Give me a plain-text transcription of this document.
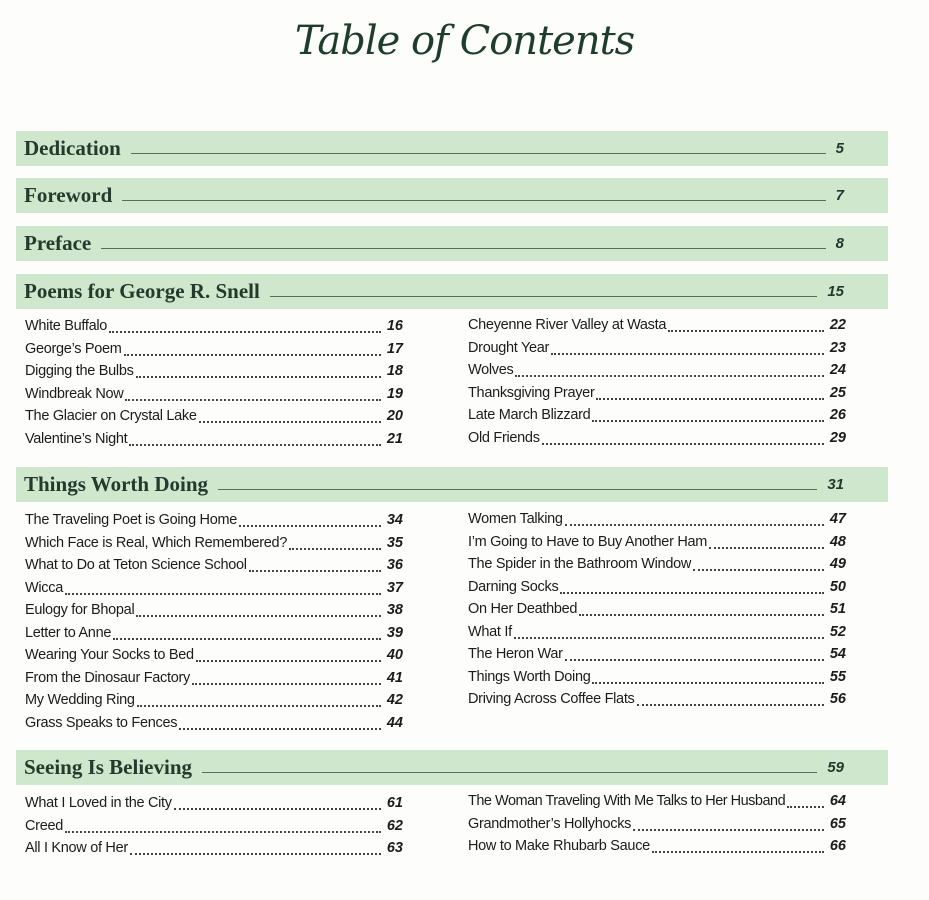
Table of Contents
Dedication	5
Foreword	7
Preface	8
Poems for George R. Snell	15
White Buffalo	16
George’s Poem	17
Digging the Bulbs	18
Windbreak Now	19
The Glacier on Crystal Lake	20
Valentine’s Night	21
Cheyenne River Valley at Wasta	22
Drought Year	23
Wolves	24
Thanksgiving Prayer	25
Late March Blizzard	26
Old Friends	29
Things Worth Doing	31
The Traveling Poet is Going Home	34
Which Face is Real, Which Remembered?	35
What to Do at Teton Science School	36
Wicca	37
Eulogy for Bhopal	38
Letter to Anne	39
Wearing Your Socks to Bed	40
From the Dinosaur Factory	41
My Wedding Ring	42
Grass Speaks to Fences	44
Women Talking	47
I’m Going to Have to Buy Another Ham	48
The Spider in the Bathroom Window	49
Darning Socks	50
On Her Deathbed	51
What If	52
The Heron War	54
Things Worth Doing	55
Driving Across Coffee Flats	56
Seeing Is Believing	59
What I Loved in the City	61
Creed	62
All I Know of Her	63
The Woman Traveling With Me Talks to Her Husband	64
Grandmother’s Hollyhocks	65
How to Make Rhubarb Sauce	66
